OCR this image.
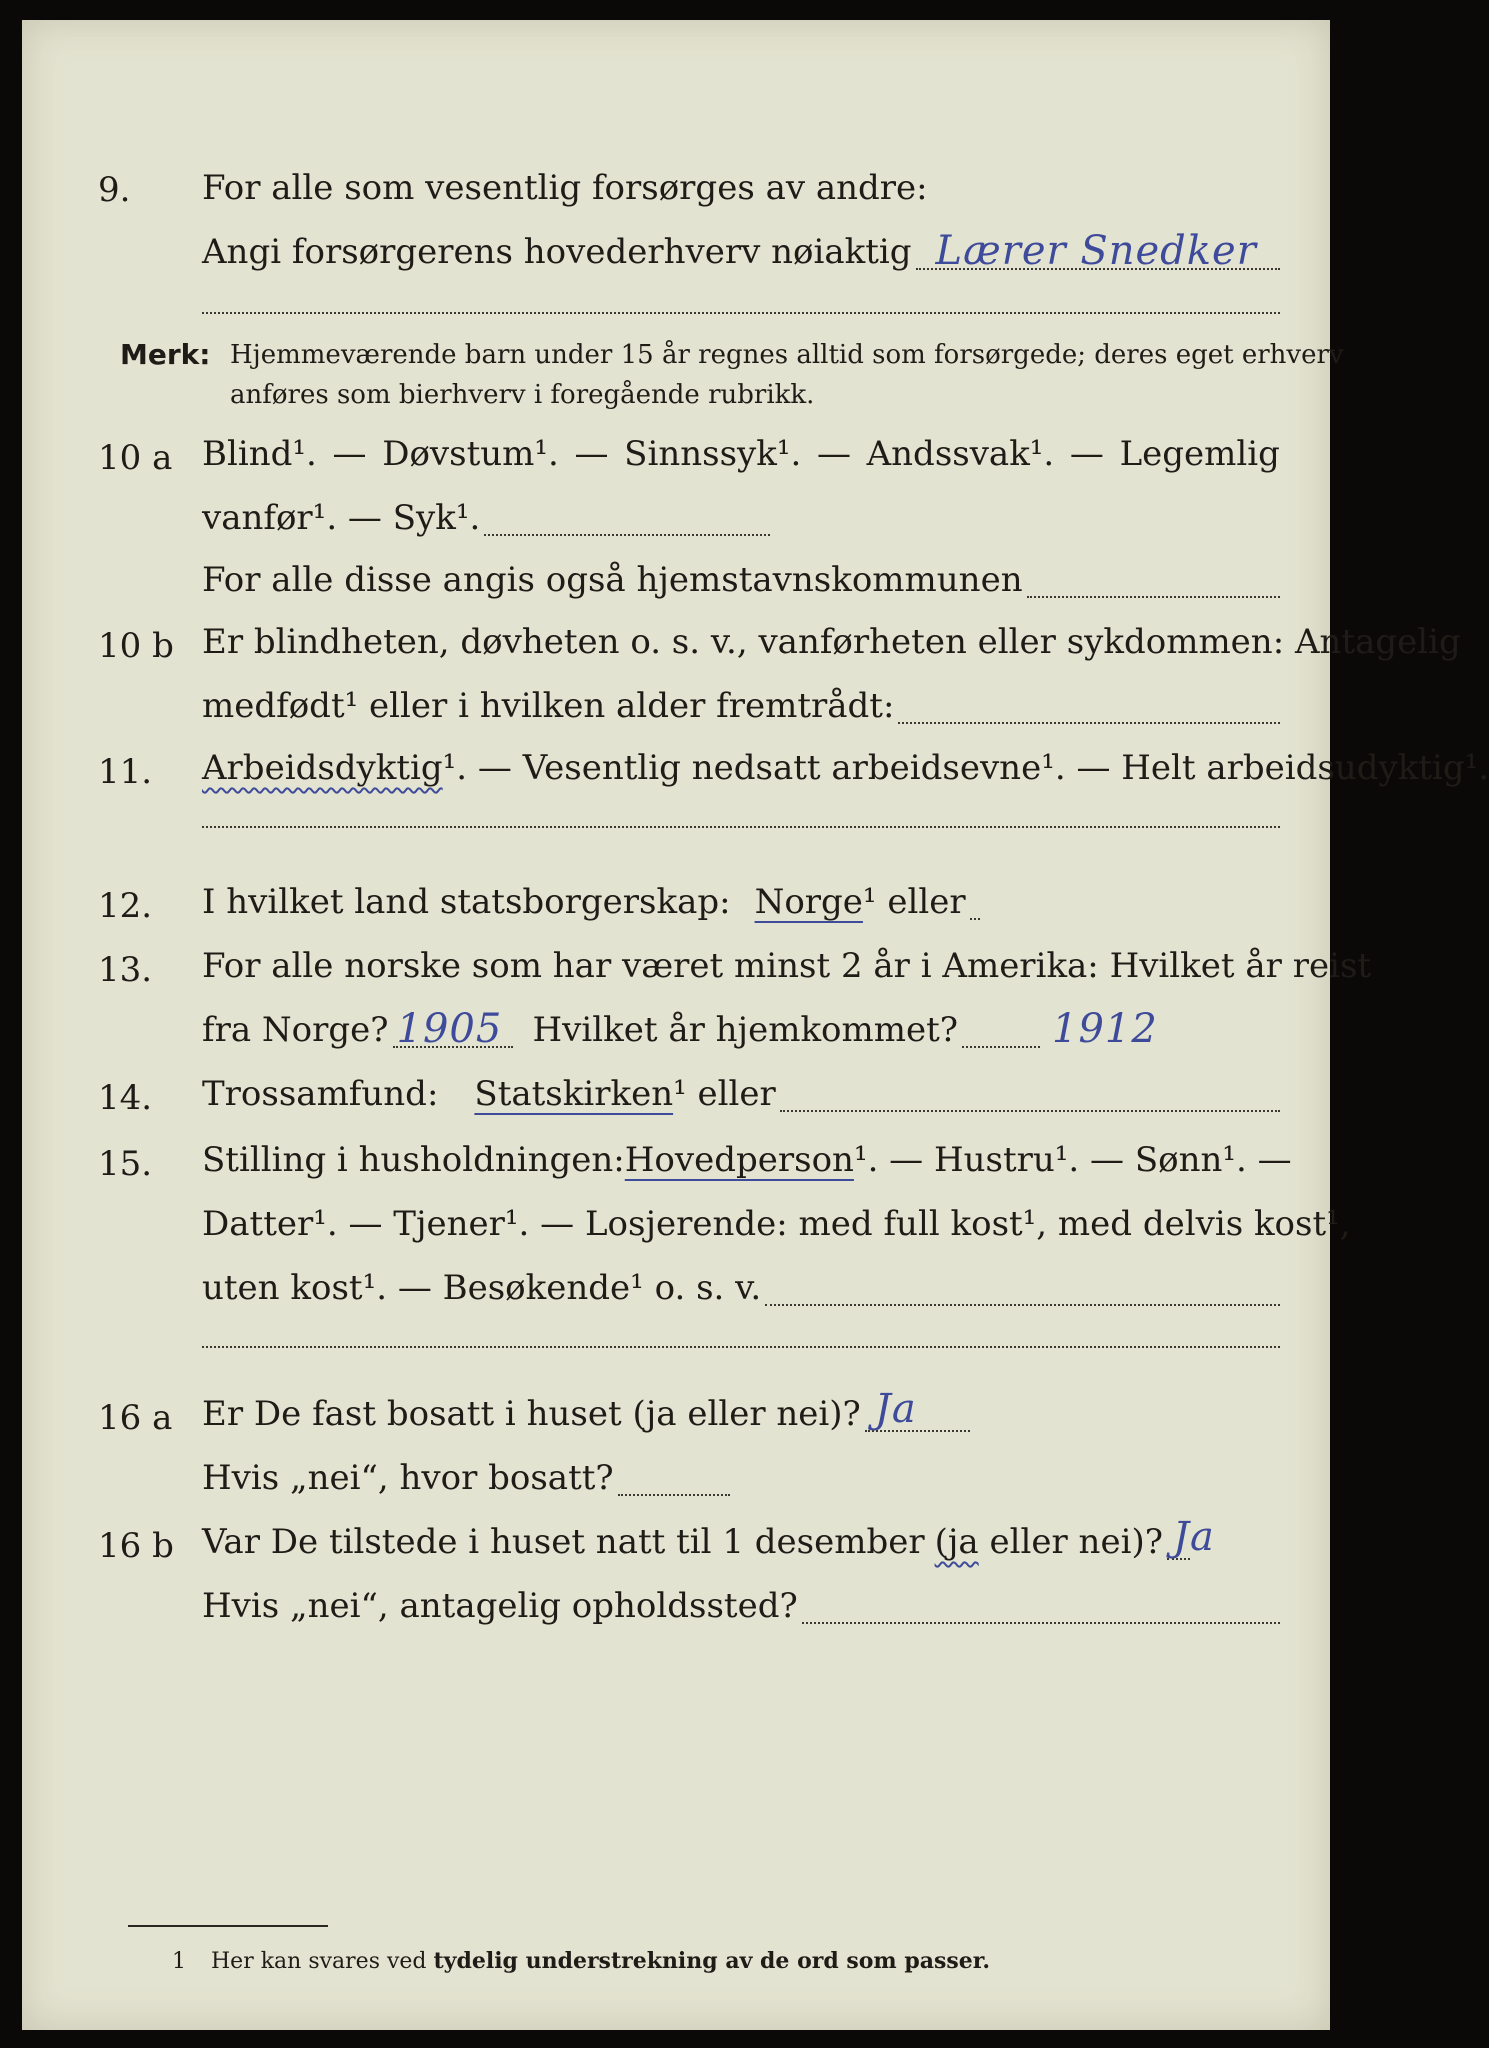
9.	For alle som vesentlig forsørges av andre:
Angi forsørgerens hovederhverv nøiaktig Lærer Snedker
Merk: Hjemmeværende barn under 15 år regnes alltid som forsørgede; deres eget erhverv
anføres som bierhverv i foregående rubrikk.
10 a Blind¹. — Døvstum¹. — Sinnssyk¹. — Andssvak¹. — Legemlig
vanfør¹. — Syk¹.
For alle disse angis også hjemstavnskommunen
10 b Er blindheten, døvheten o. s. v., vanførheten eller sykdommen: Antagelig
medfødt¹ eller i hvilken alder fremtrådt:
11.	Arbeidsdyktig ¹. — Vesentlig nedsatt arbeidsevne¹. — Helt arbeidsudyktig¹.
12.	I hvilket land statsborgerskap: Norge¹ eller
13.	For alle norske som har været minst 2 år i Amerika: Hvilket år reist
fra Norge? 1905 Hvilket år hjemkommet? 1912
14.	Trossamfund: Statskirken¹ eller
15.	Stilling i husholdningen: Hovedperson¹. — Hustru¹. — Sønn¹. —
Datter¹. — Tjener¹. — Losjerende: med full kost¹, med delvis kost¹,
uten kost¹. — Besøkende¹ o. s. v.
16 a Er De fast bosatt i huset (ja eller nei)? Ja
Hvis „nei“, hvor bosatt?
16 b Var De tilstede i huset natt til 1 desember (ja eller nei)? Ja
Hvis „nei“, antagelig opholdssted?
1 Her kan svares ved tydelig understrekning av de ord som passer.
